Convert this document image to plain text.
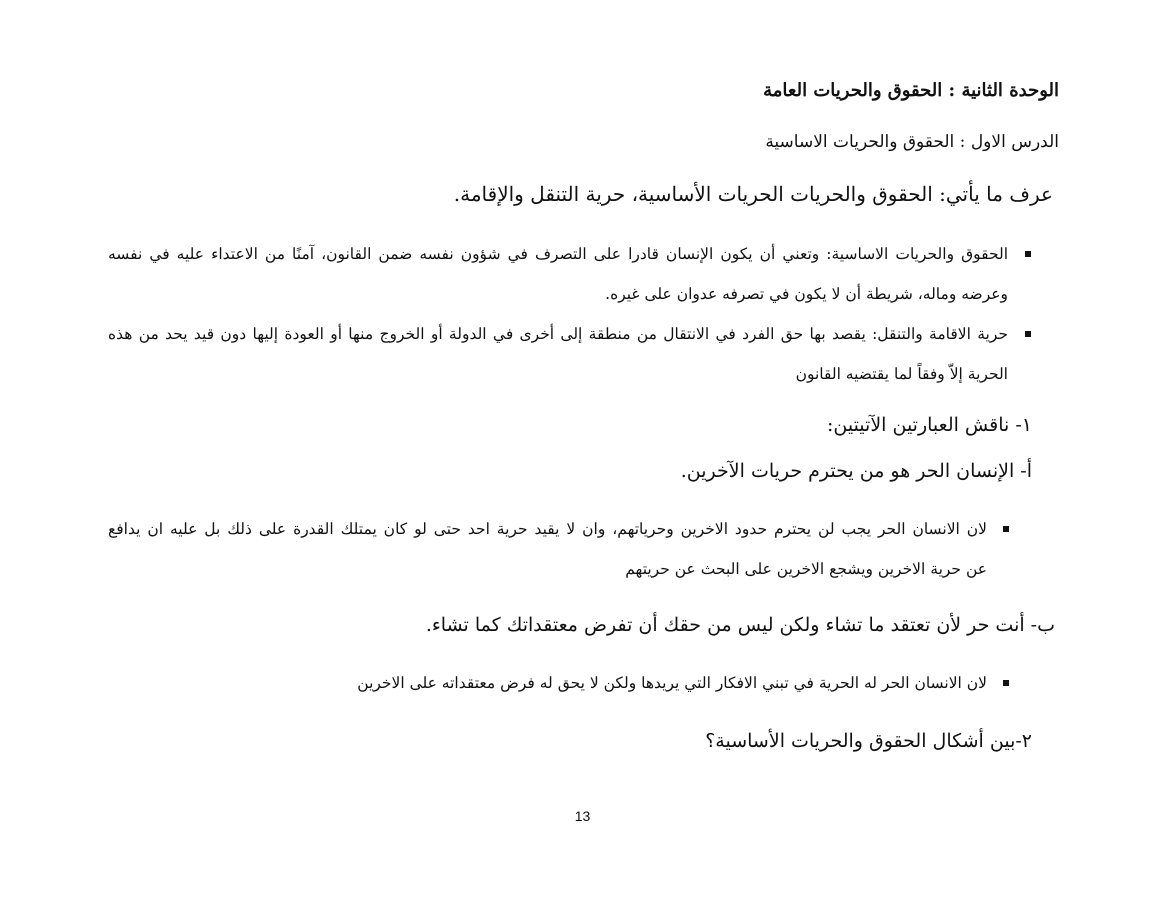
الوحدة الثانية : الحقوق والحريات العامة

الدرس الاول : الحقوق والحريات الاساسية

عرف ما يأتي: الحقوق والحريات الحريات الأساسية، حرية التنقل والإقامة.

الحقوق والحريات الاساسية: وتعني أن يكون الإنسان قادرا على التصرف في شؤون نفسه ضمن القانون، آمنًا من الاعتداء عليه في نفسه
وعرضه وماله، شريطة أن لا يكون في تصرفه عدوان على غيره.
حرية الاقامة والتنقل: يقصد بها حق الفرد في الانتقال من منطقة إلى أخرى في الدولة أو الخروج منها أو العودة إليها دون قيد يحد من هذه
الحرية إلاّ وفقاً لما يقتضيه القانون

١- ناقش العبارتين الآتيتين:

أ- الإنسان الحر هو من يحترم حريات الآخرين.

لان الانسان الحر يجب لن يحترم حدود الاخرين وحرياتهم، وان لا يقيد حرية احد حتى لو كان يمتلك القدرة على ذلك بل عليه ان يدافع
عن حرية الاخرين ويشجع الاخرين على البحث عن حريتهم

ب- أنت حر لأن تعتقد ما تشاء ولكن ليس من حقك أن تفرض معتقداتك كما تشاء.

لان الانسان الحر له الحرية في تبني الافكار التي يريدها ولكن لا يحق له فرض معتقداته على الاخرين

٢-بين أشكال الحقوق والحريات الأساسية؟

13
